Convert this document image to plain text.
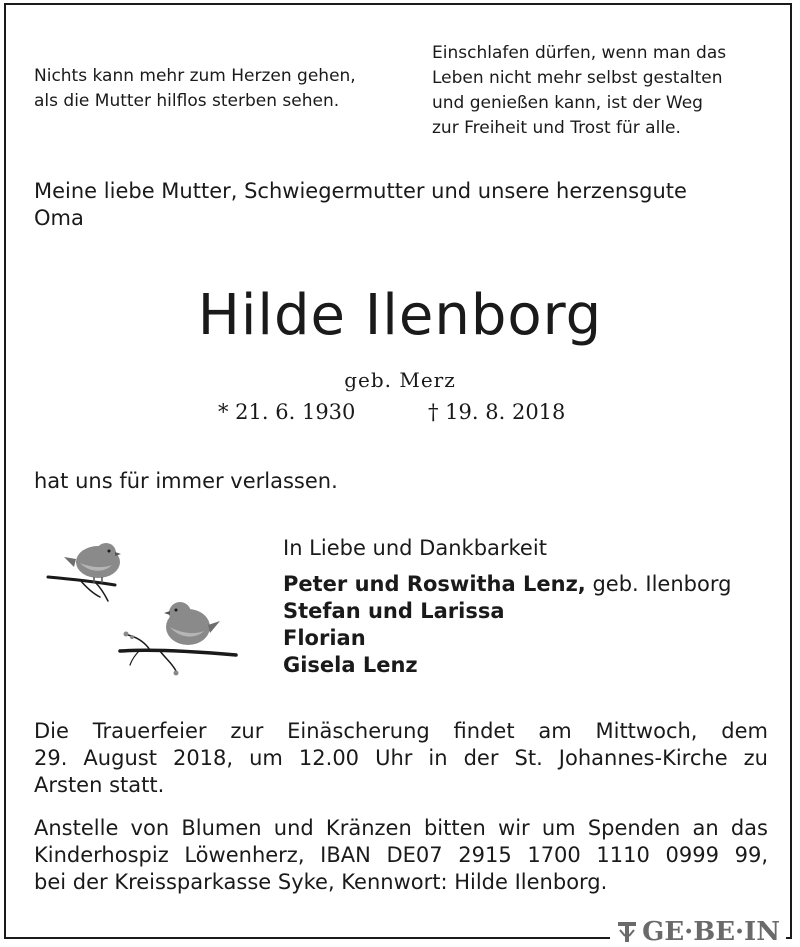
Nichts kann mehr zum Herzen gehen,
als die Mutter hilflos sterben sehen.
Einschlafen dürfen, wenn man das
Leben nicht mehr selbst gestalten
und genießen kann, ist der Weg
zur Freiheit und Trost für alle.
Meine liebe Mutter, Schwiegermutter und unsere herzensgute
Oma
Hilde Ilenborg
geb. Merz
* 21. 6. 1930	† 19. 8. 2018
hat uns für immer verlassen.
In Liebe und Dankbarkeit
Peter und Roswitha Lenz, geb. Ilenborg
Stefan und Larissa
Florian
Gisela Lenz
Die Trauerfeier zur Einäscherung findet am Mittwoch, dem
29. August 2018, um 12.00 Uhr in der St. Johannes-Kirche zu
Arsten statt.
Anstelle von Blumen und Kränzen bitten wir um Spenden an das
Kinderhospiz Löwenherz, IBAN DE07 2915 1700 1110 0999 99,
bei der Kreissparkasse Syke, Kennwort: Hilde Ilenborg.
GE·BE·IN
